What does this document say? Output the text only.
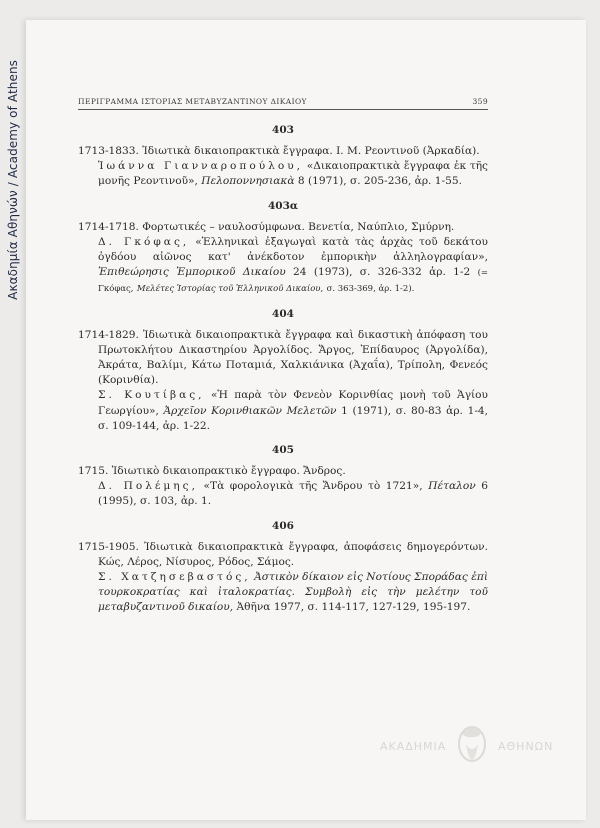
Ακαδημία Αθηνών / Academy of Athens	ΠΕΡΙΓΡΑΜΜΑ ΙΣΤΟΡΙΑΣ ΜΕΤΑΒΥΖΑΝΤΙΝΟΥ ΔΙΚΑΙΟΥ	359
403

1713-1833. Ἰδιωτικὰ δικαιοπρακτικὰ ἔγγραφα. Ι. Μ. Ρεοντινοῦ (Ἀρκαδία).

Ἰωάννα Γιανναροπούλου, «Δικαιοπρακτικὰ ἔγγραφα ἐκ τῆς μονῆς Ρεοντινοῦ», Πελοποννησιακὰ 8 (1971), σ. 205-236, ἀρ. 1-55.

403α

1714-1718. Φορτωτικές – ναυλοσύμφωνα. Βενετία, Ναύπλιο, Σμύρνη.

Δ. Γκόφας, «Ἑλληνικαὶ ἐξαγωγαὶ κατὰ τὰς ἀρχὰς τοῦ δεκάτου ὀγδόου αἰῶνος κατ' ἀνέκδοτον ἐμπορικὴν ἀλληλογραφίαν», Ἐπιθεώρησις Ἐμπορικοῦ Δικαίου 24 (1973), σ. 326-332 ἀρ. 1-2 (= Γκόφας, Μελέτες Ἱστορίας τοῦ Ἑλληνικοῦ Δικαίου, σ. 363-369, ἀρ. 1-2).

404

1714-1829. Ἰδιωτικὰ δικαιοπρακτικὰ ἔγγραφα καὶ δικαστικὴ ἀπόφαση του Πρωτοκλήτου Δικαστηρίου Ἀργολίδος. Ἄργος, Ἐπίδαυρος (Ἀργολίδα), Ἀκράτα, Βαλίμι, Κάτω Ποταμιά, Χαλκιάνικα (Ἀχαΐα), Τρίπολη, Φενεός (Κορινθία).

Σ. Κουτίβας, «Ἡ παρὰ τὸν Φενεὸν Κορινθίας μονὴ τοῦ Ἁγίου Γεωργίου», Ἀρχεῖον Κορινθιακῶν Μελετῶν 1 (1971), σ. 80-83 ἀρ. 1-4, σ. 109-144, ἀρ. 1-22.

405

1715. Ἰδιωτικὸ δικαιοπρακτικὸ ἔγγραφο. Ἄνδρος.

Δ. Πολέμης, «Τὰ φορολογικὰ τῆς Ἄνδρου τὸ 1721», Πέταλον 6 (1995), σ. 103, ἀρ. 1.

406

1715-1905. Ἰδιωτικὰ δικαιοπρακτικὰ ἔγγραφα, ἀποφάσεις δημογερόντων. Κώς, Λέρος, Νίσυρος, Ρόδος, Σάμος.

Σ. Χατζησεβαστός, Ἀστικὸν δίκαιον εἰς Νοτίους Σποράδας ἐπὶ τουρκοκρατίας καὶ ἰταλοκρατίας. Συμβολὴ εἰς τὴν μελέτην τοῦ μεταβυζαντινοῦ δικαίου, Ἀθῆνα 1977, σ. 114-117, 127-129, 195-197.

ΑΚΑΔΗΜΙΑ	ΑΘΗΝΩΝ
